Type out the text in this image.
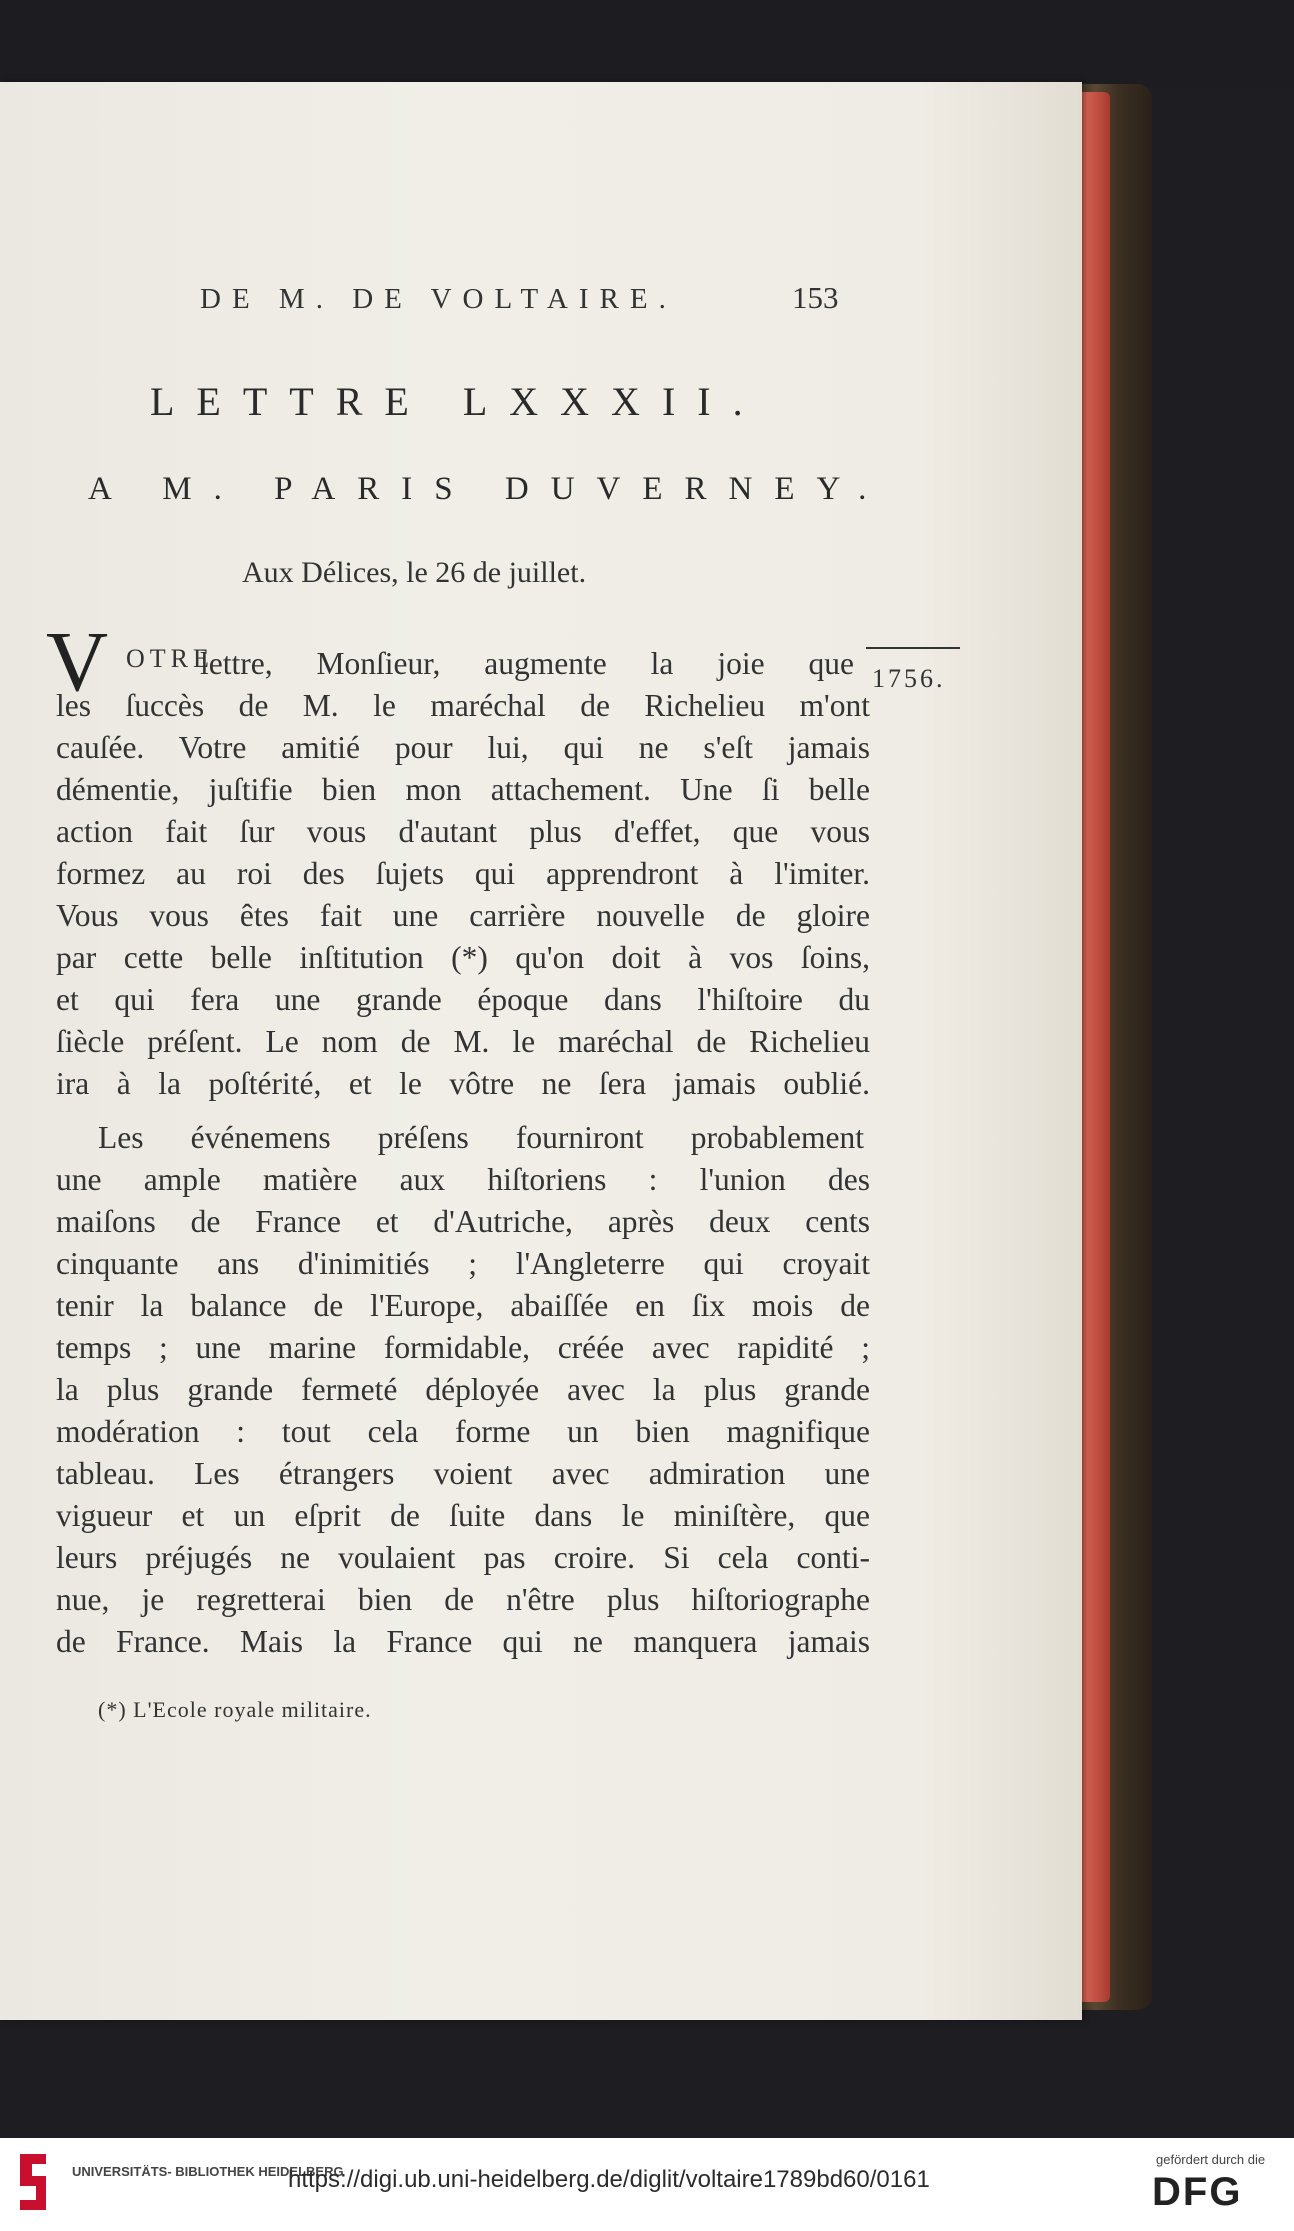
DE M. DE VOLTAIRE.	153
LETTRE LXXXII.
A M. PARIS DUVERNEY.
Aux Délices, le 26 de juillet.
1756.
V OTRE
lettre, Monſieur, augmente la joie que
les ſuccès de M. le maréchal de Richelieu m'ont
cauſée. Votre amitié pour lui, qui ne s'eſt jamais
démentie, juſtifie bien mon attachement. Une ſi belle
action fait ſur vous d'autant plus d'effet, que vous
formez au roi des ſujets qui apprendront à l'imiter.
Vous vous êtes fait une carrière nouvelle de gloire
par cette belle inſtitution (*) qu'on doit à vos ſoins,
et qui fera une grande époque dans l'hiſtoire du
ſiècle préſent. Le nom de M. le maréchal de Richelieu
ira à la poſtérité, et le vôtre ne ſera jamais oublié.
Les événemens préſens fourniront probablement
une ample matière aux hiſtoriens : l'union des
maiſons de France et d'Autriche, après deux cents
cinquante ans d'inimitiés ; l'Angleterre qui croyait
tenir la balance de l'Europe, abaiſſée en ſix mois de
temps ; une marine formidable, créée avec rapidité ;
la plus grande fermeté déployée avec la plus grande
modération : tout cela forme un bien magnifique
tableau. Les étrangers voient avec admiration une
vigueur et un eſprit de ſuite dans le miniſtère, que
leurs préjugés ne voulaient pas croire. Si cela conti-
nue, je regretterai bien de n'être plus hiſtoriographe
de France. Mais la France qui ne manquera jamais
(*) L'Ecole royale militaire.
UNIVERSITÄTS- BIBLIOTHEK HEIDELBERG
https://digi.ub.uni-heidelberg.de/diglit/voltaire1789bd60/0161
gefördert durch die
DFG
